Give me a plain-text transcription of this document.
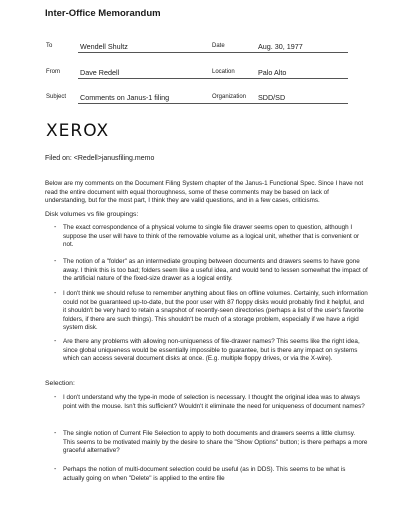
Inter-Office Memorandum
To	Wendell Shultz	Date	Aug. 30, 1977
From	Dave Redell	Location	Palo Alto
Subject Comments on Janus-1 filing	Organization SDD/SD
XEROX
Filed on: <Redell>janusfiling.memo

Below are my comments on the Document Filing System chapter of the Janus-1 Functional Spec. Since I have not read the entire document with equal thoroughness, some of these comments may be based on lack of understanding, but for the most part, I think they are valid questions, and in a few cases, criticisms.

Disk volumes vs file groupings:
- The exact correspondence of a physical volume to single file drawer seems open to question, although I suppose the user will have to think of the removable volume as a logical unit, whether that is convenient or not.

- The notion of a "folder" as an intermediate grouping between documents and drawers seems to have gone away. I think this is too bad; folders seem like a useful idea, and would tend to lessen somewhat the impact of the artificial nature of the fixed-size drawer as a logical entity.

- I don't think we should refuse to remember anything about files on offline volumes. Certainly, such information could not be guaranteed up-to-date, but the poor user with 87 floppy disks would probably find it helpful, and it shouldn't be very hard to retain a snapshot of recently-seen directories (perhaps a list of the user's favorite folders, if there are such things). This shouldn't be much of a storage problem, especially if we have a rigid system disk.

- Are there any problems with allowing non-uniqueness of file-drawer names? This seems like the right idea, since global uniqueness would be essentially impossible to guarantee, but is there any impact on systems which can access several document disks at once. (E.g. multiple floppy drives, or via the X-wire).

Selection:
- I don't understand why the type-in mode of selection is necessary. I thought the original idea was to always point with the mouse. Isn't this sufficient? Wouldn't it eliminate the need for uniqueness of document names?

- The single notion of Current File Selection to apply to both documents and drawers seems a little clumsy. This seems to be motivated mainly by the desire to share the "Show Options" button; is there perhaps a more graceful alternative?

- Perhaps the notion of multi-document selection could be useful (as in DDS). This seems to be what is actually going on when "Delete" is applied to the entire file
